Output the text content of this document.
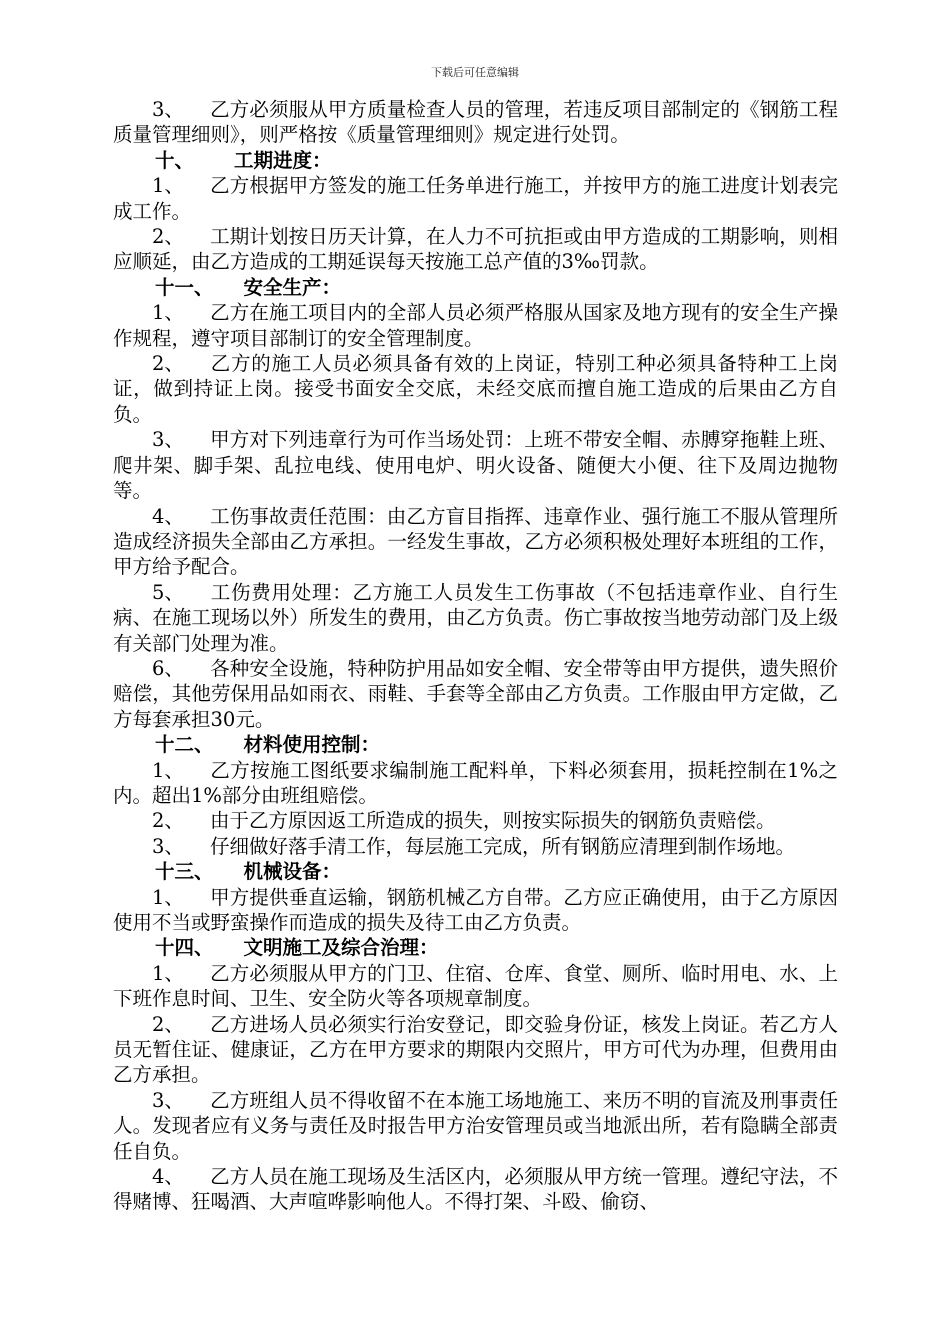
下载后可任意编辑

3、 乙方必须服从甲方质量检查人员的管理，若违反项目部制定的《钢筋工程质量管理细则》，则严格按《质量管理细则》规定进行处罚。

十、 工期进度：

1、 乙方根据甲方签发的施工任务单进行施工，并按甲方的施工进度计划表完成工作。

2、 工期计划按日历天计算，在人力不可抗拒或由甲方造成的工期影响，则相应顺延，由乙方造成的工期延误每天按施工总产值的3‰罚款。

十一、 安全生产：

1、 乙方在施工项目内的全部人员必须严格服从国家及地方现有的安全生产操作规程，遵守项目部制订的安全管理制度。

2、 乙方的施工人员必须具备有效的上岗证，特别工种必须具备特种工上岗证，做到持证上岗。接受书面安全交底，未经交底而擅自施工造成的后果由乙方自负。

3、 甲方对下列违章行为可作当场处罚：上班不带安全帽、赤膊穿拖鞋上班、爬井架、脚手架、乱拉电线、使用电炉、明火设备、随便大小便、往下及周边抛物等。

4、 工伤事故责任范围：由乙方盲目指挥、违章作业、强行施工不服从管理所造成经济损失全部由乙方承担。一经发生事故，乙方必须积极处理好本班组的工作，甲方给予配合。

5、 工伤费用处理：乙方施工人员发生工伤事故（不包括违章作业、自行生病、在施工现场以外）所发生的费用，由乙方负责。伤亡事故按当地劳动部门及上级有关部门处理为准。

6、 各种安全设施，特种防护用品如安全帽、安全带等由甲方提供，遗失照价赔偿，其他劳保用品如雨衣、雨鞋、手套等全部由乙方负责。工作服由甲方定做，乙方每套承担30元。

十二、 材料使用控制：

1、 乙方按施工图纸要求编制施工配料单，下料必须套用，损耗控制在1%之内。超出1%部分由班组赔偿。

2、 由于乙方原因返工所造成的损失，则按实际损失的钢筋负责赔偿。

3、 仔细做好落手清工作，每层施工完成，所有钢筋应清理到制作场地。

十三、 机械设备：

1、 甲方提供垂直运输，钢筋机械乙方自带。乙方应正确使用，由于乙方原因使用不当或野蛮操作而造成的损失及待工由乙方负责。

十四、 文明施工及综合治理：

1、 乙方必须服从甲方的门卫、住宿、仓库、食堂、厕所、临时用电、水、上下班作息时间、卫生、安全防火等各项规章制度。

2、 乙方进场人员必须实行治安登记，即交验身份证，核发上岗证。若乙方人员无暂住证、健康证，乙方在甲方要求的期限内交照片，甲方可代为办理，但费用由乙方承担。

3、 乙方班组人员不得收留不在本施工场地施工、来历不明的盲流及刑事责任人。发现者应有义务与责任及时报告甲方治安管理员或当地派出所，若有隐瞒全部责任自负。

4、 乙方人员在施工现场及生活区内，必须服从甲方统一管理。遵纪守法，不得赌博、狂喝酒、大声喧哗影响他人。不得打架、斗殴、偷窃、
